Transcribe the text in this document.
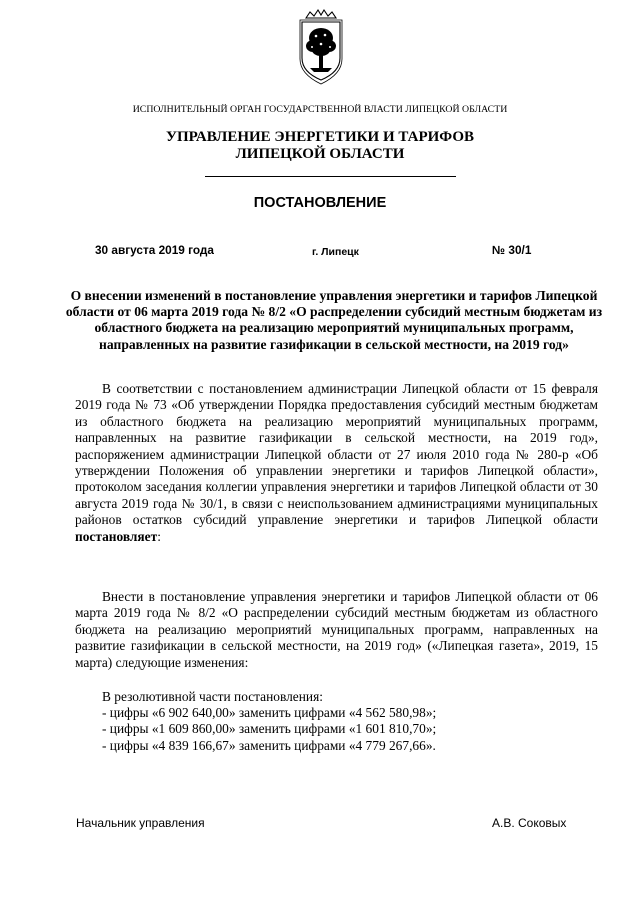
ИСПОЛНИТЕЛЬНЫЙ ОРГАН ГОСУДАРСТВЕННОЙ ВЛАСТИ ЛИПЕЦКОЙ ОБЛАСТИ
УПРАВЛЕНИЕ ЭНЕРГЕТИКИ И ТАРИФОВ
ЛИПЕЦКОЙ ОБЛАСТИ
ПОСТАНОВЛЕНИЕ
30 августа 2019 года	г. Липецк	№ 30/1
О внесении изменений в постановление управления энергетики и тарифов Липецкой области от 06 марта 2019 года № 8/2 «О распределении субсидий местным бюджетам из областного бюджета на реализацию мероприятий муниципальных программ, направленных на развитие газификации в сельской местности, на 2019 год»
В соответствии с постановлением администрации Липецкой области от 15 февраля 2019 года № 73 «Об утверждении Порядка предоставления субсидий местным бюджетам из областного бюджета на реализацию мероприятий муниципальных программ, направленных на развитие газификации в сельской местности, на 2019 год», распоряжением администрации Липецкой области от 27 июля 2010 года № 280-р «Об утверждении Положения об управлении энергетики и тарифов Липецкой области», протоколом заседания коллегии управления энергетики и тарифов Липецкой области от 30 августа 2019 года № 30/1, в связи с неиспользованием администрациями муниципальных районов остатков субсидий управление энергетики и тарифов Липецкой области постановляет:
Внести в постановление управления энергетики и тарифов Липецкой области от 06 марта 2019 года № 8/2 «О распределении субсидий местным бюджетам из областного бюджета на реализацию мероприятий муниципальных программ, направленных на развитие газификации в сельской местности, на 2019 год» («Липецкая газета», 2019, 15 марта) следующие изменения:
В резолютивной части постановления:
- цифры «6 902 640,00» заменить цифрами «4 562 580,98»;
- цифры «1 609 860,00» заменить цифрами «1 601 810,70»;
- цифры «4 839 166,67» заменить цифрами «4 779 267,66».
Начальник управления	А.В. Соковых
